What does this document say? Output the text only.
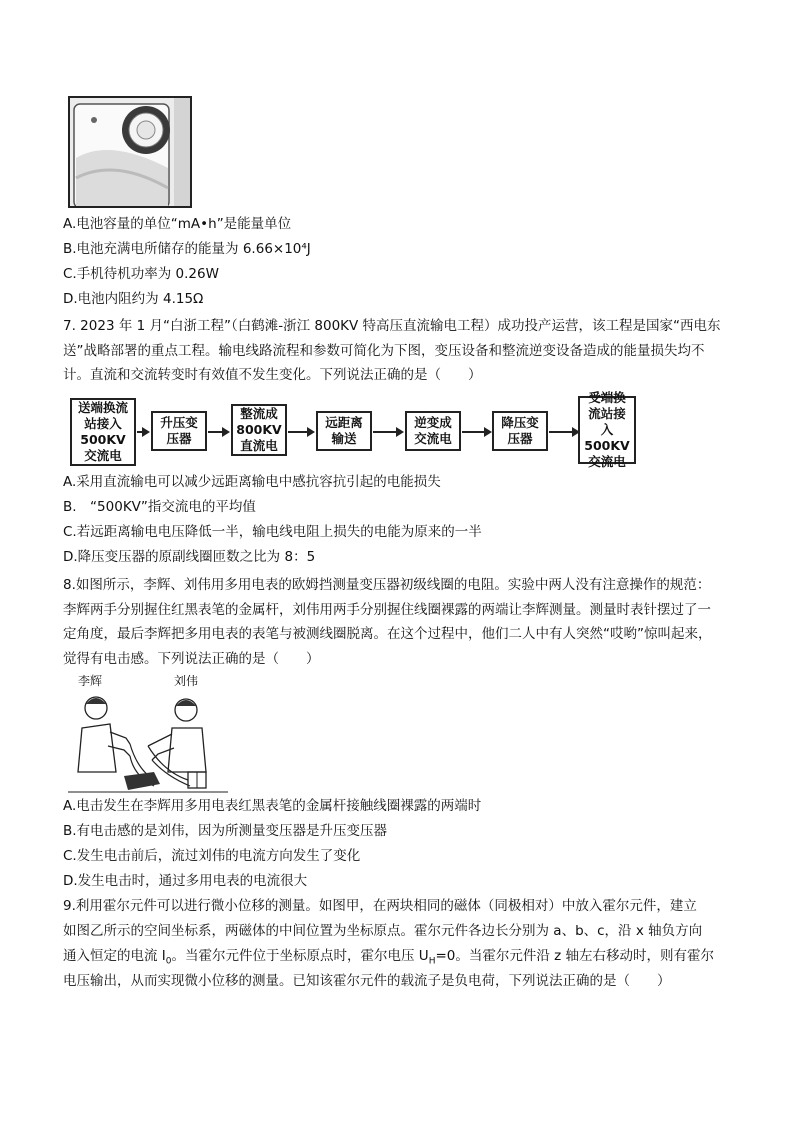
A.电池容量的单位“mA•h”是能量单位
B.电池充满电所储存的能量为 6.66×10⁴J
C.手机待机功率为 0.26W
D.电池内阻约为 4.15Ω
7. 2023 年 1 月“白浙工程”（白鹤滩-浙江 800KV 特高压直流输电工程）成功投产运营，该工程是国家“西电东送”战略部署的重点工程。输电线路流程和参数可简化为下图，变压设备和整流逆变设备造成的能量损失均不计。直流和交流转变时有效值不发生变化。下列说法正确的是（　　）
送端换流站接入500KV交流电
升压变压器
整流成800KV直流电
远距离输送
逆变成交流电
降压变压器
受端换流站接入500KV交流电
A.采用直流输电可以减少远距离输电中感抗容抗引起的电能损失
B.　“500KV”指交流电的平均值
C.若远距离输电电压降低一半，输电线电阻上损失的电能为原来的一半
D.降压变压器的原副线圈匝数之比为 8：5
8.如图所示，李辉、刘伟用多用电表的欧姆挡测量变压器初级线圈的电阻。实验中两人没有注意操作的规范：李辉两手分别握住红黑表笔的金属杆，刘伟用两手分别握住线圈裸露的两端让李辉测量。测量时表针摆过了一定角度，最后李辉把多用电表的表笔与被测线圈脱离。在这个过程中，他们二人中有人突然“哎哟”惊叫起来，觉得有电击感。下列说法正确的是（　　）
李辉	刘伟
A.电击发生在李辉用多用电表红黑表笔的金属杆接触线圈裸露的两端时
B.有电击感的是刘伟，因为所测量变压器是升压变压器
C.发生电击前后，流过刘伟的电流方向发生了变化
D.发生电击时，通过多用电表的电流很大
9.利用霍尔元件可以进行微小位移的测量。如图甲，在两块相同的磁体（同极相对）中放入霍尔元件，建立
如图乙所示的空间坐标系，两磁体的中间位置为坐标原点。霍尔元件各边长分别为 a、b、c，沿 x 轴负方向
通入恒定的电流 $I_0$。当霍尔元件位于坐标原点时，霍尔电压 $U_H=0$。当霍尔元件沿 z 轴左右移动时，则有霍尔
电压输出，从而实现微小位移的测量。已知该霍尔元件的载流子是负电荷，下列说法正确的是（　　）
